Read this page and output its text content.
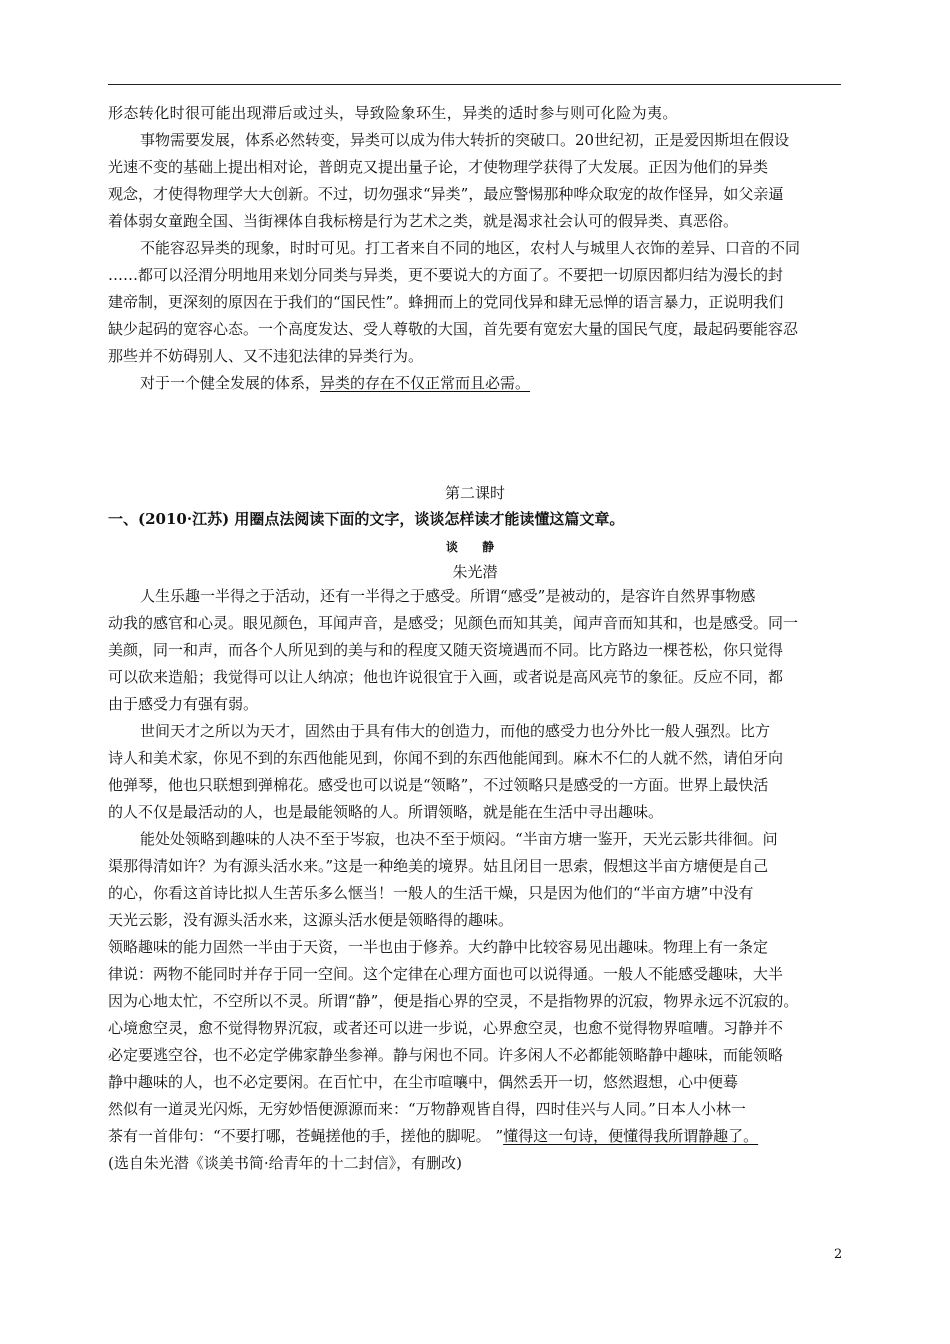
形态转化时很可能出现滞后或过头，导致险象环生，异类的适时参与则可化险为夷。
事物需要发展，体系必然转变，异类可以成为伟大转折的突破口。20世纪初，正是爱因斯坦在假设
光速不变的基础上提出相对论，普朗克又提出量子论，才使物理学获得了大发展。正因为他们的异类
观念，才使得物理学大大创新。不过，切勿强求“异类”，最应警惕那种哗众取宠的故作怪异，如父亲逼
着体弱女童跑全国、当街裸体自我标榜是行为艺术之类，就是渴求社会认可的假异类、真恶俗。
不能容忍异类的现象，时时可见。打工者来自不同的地区，农村人与城里人衣饰的差异、口音的不同
……都可以泾渭分明地用来划分同类与异类，更不要说大的方面了。不要把一切原因都归结为漫长的封
建帝制，更深刻的原因在于我们的“国民性”。蜂拥而上的党同伐异和肆无忌惮的语言暴力，正说明我们
缺少起码的宽容心态。一个高度发达、受人尊敬的大国，首先要有宽宏大量的国民气度，最起码要能容忍
那些并不妨碍别人、又不违犯法律的异类行为。
对于一个健全发展的体系，异类的存在不仅正常而且必需。
第二课时
一、(2010·江苏) 用圈点法阅读下面的文字，谈谈怎样读才能读懂这篇文章。
谈 静
朱光潜
人生乐趣一半得之于活动，还有一半得之于感受。所谓“感受”是被动的，是容许自然界事物感
动我的感官和心灵。眼见颜色，耳闻声音，是感受；见颜色而知其美，闻声音而知其和，也是感受。同一
美颜，同一和声，而各个人所见到的美与和的程度又随天资境遇而不同。比方路边一棵苍松，你只觉得
可以砍来造船；我觉得可以让人纳凉；他也许说很宜于入画，或者说是高风亮节的象征。反应不同，都
由于感受力有强有弱。
世间天才之所以为天才，固然由于具有伟大的创造力，而他的感受力也分外比一般人强烈。比方
诗人和美术家，你见不到的东西他能见到，你闻不到的东西他能闻到。麻木不仁的人就不然，请伯牙向
他弹琴，他也只联想到弹棉花。感受也可以说是“领略”，不过领略只是感受的一方面。世界上最快活
的人不仅是最活动的人，也是最能领略的人。所谓领略，就是能在生活中寻出趣味。
能处处领略到趣味的人决不至于岑寂，也决不至于烦闷。“半亩方塘一鉴开，天光云影共徘徊。问
渠那得清如许？为有源头活水来。”这是一种绝美的境界。姑且闭目一思索，假想这半亩方塘便是自己
的心，你看这首诗比拟人生苦乐多么惬当！一般人的生活干燥，只是因为他们的“半亩方塘”中没有
天光云影，没有源头活水来，这源头活水便是领略得的趣味。
领略趣味的能力固然一半由于天资，一半也由于修养。大约静中比较容易见出趣味。物理上有一条定
律说：两物不能同时并存于同一空间。这个定律在心理方面也可以说得通。一般人不能感受趣味，大半
因为心地太忙，不空所以不灵。所谓“静”，便是指心界的空灵，不是指物界的沉寂，物界永远不沉寂的。
心境愈空灵，愈不觉得物界沉寂，或者还可以进一步说，心界愈空灵，也愈不觉得物界喧嘈。习静并不
必定要逃空谷，也不必定学佛家静坐参禅。静与闲也不同。许多闲人不必都能领略静中趣味，而能领略
静中趣味的人，也不必定要闲。在百忙中，在尘市喧嚷中，偶然丢开一切，悠然遐想，心中便蓦
然似有一道灵光闪烁，无穷妙悟便源源而来：“万物静观皆自得，四时佳兴与人同。”日本人小林一
茶有一首俳句：“不要打哪，苍蝇搓他的手，搓他的脚呢。 ”懂得这一句诗，便懂得我所谓静趣了。
(选自朱光潜《谈美书简·给青年的十二封信》，有删改)
2
